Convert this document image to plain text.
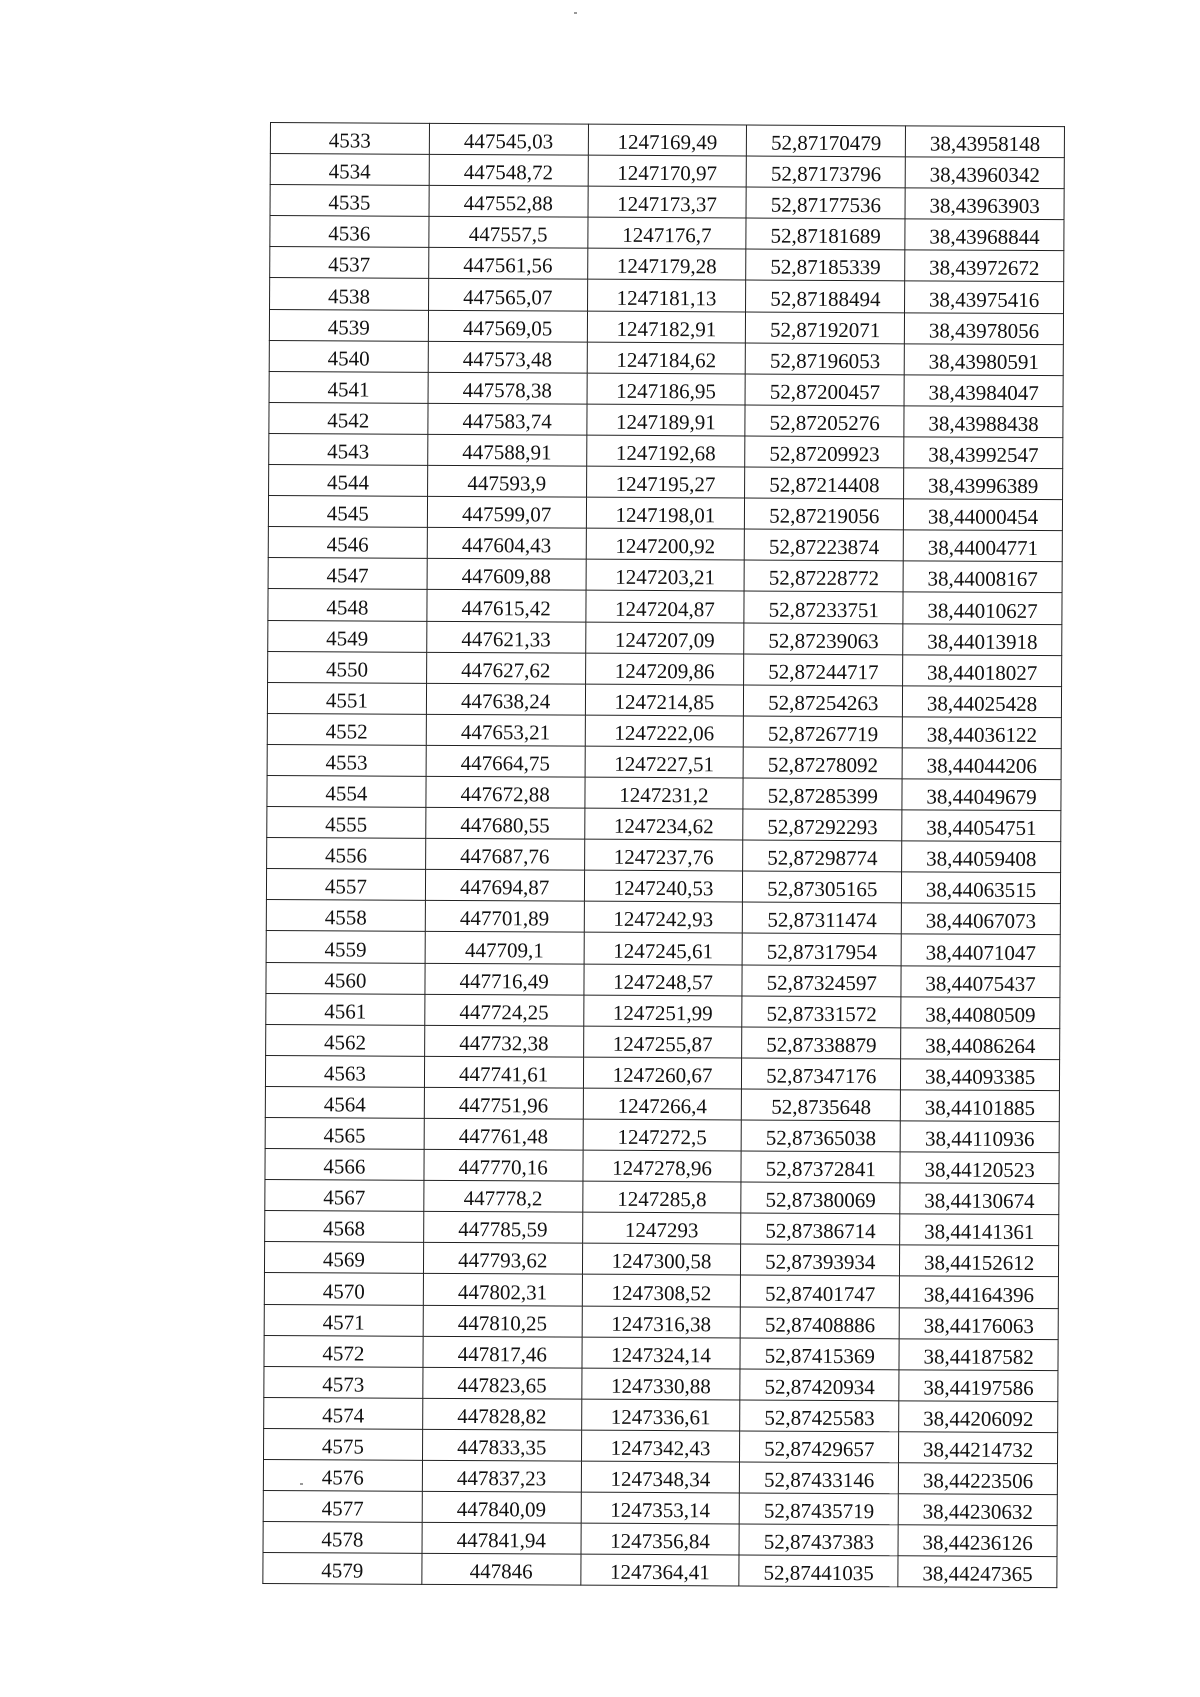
4533	447545,03	1247169,49	52,87170479	38,43958148
4534	447548,72	1247170,97	52,87173796	38,43960342
4535	447552,88	1247173,37	52,87177536	38,43963903
4536	447557,5	1247176,7	52,87181689	38,43968844
4537	447561,56	1247179,28	52,87185339	38,43972672
4538	447565,07	1247181,13	52,87188494	38,43975416
4539	447569,05	1247182,91	52,87192071	38,43978056
4540	447573,48	1247184,62	52,87196053	38,43980591
4541	447578,38	1247186,95	52,87200457	38,43984047
4542	447583,74	1247189,91	52,87205276	38,43988438
4543	447588,91	1247192,68	52,87209923	38,43992547
4544	447593,9	1247195,27	52,87214408	38,43996389
4545	447599,07	1247198,01	52,87219056	38,44000454
4546	447604,43	1247200,92	52,87223874	38,44004771
4547	447609,88	1247203,21	52,87228772	38,44008167
4548	447615,42	1247204,87	52,87233751	38,44010627
4549	447621,33	1247207,09	52,87239063	38,44013918
4550	447627,62	1247209,86	52,87244717	38,44018027
4551	447638,24	1247214,85	52,87254263	38,44025428
4552	447653,21	1247222,06	52,87267719	38,44036122
4553	447664,75	1247227,51	52,87278092	38,44044206
4554	447672,88	1247231,2	52,87285399	38,44049679
4555	447680,55	1247234,62	52,87292293	38,44054751
4556	447687,76	1247237,76	52,87298774	38,44059408
4557	447694,87	1247240,53	52,87305165	38,44063515
4558	447701,89	1247242,93	52,87311474	38,44067073
4559	447709,1	1247245,61	52,87317954	38,44071047
4560	447716,49	1247248,57	52,87324597	38,44075437
4561	447724,25	1247251,99	52,87331572	38,44080509
4562	447732,38	1247255,87	52,87338879	38,44086264
4563	447741,61	1247260,67	52,87347176	38,44093385
4564	447751,96	1247266,4	52,8735648	38,44101885
4565	447761,48	1247272,5	52,87365038	38,44110936
4566	447770,16	1247278,96	52,87372841	38,44120523
4567	447778,2	1247285,8	52,87380069	38,44130674
4568	447785,59	1247293	52,87386714	38,44141361
4569	447793,62	1247300,58	52,87393934	38,44152612
4570	447802,31	1247308,52	52,87401747	38,44164396
4571	447810,25	1247316,38	52,87408886	38,44176063
4572	447817,46	1247324,14	52,87415369	38,44187582
4573	447823,65	1247330,88	52,87420934	38,44197586
4574	447828,82	1247336,61	52,87425583	38,44206092
4575	447833,35	1247342,43	52,87429657	38,44214732
4576	447837,23	1247348,34	52,87433146	38,44223506
4577	447840,09	1247353,14	52,87435719	38,44230632
4578	447841,94	1247356,84	52,87437383	38,44236126
4579	447846	1247364,41	52,87441035	38,44247365
